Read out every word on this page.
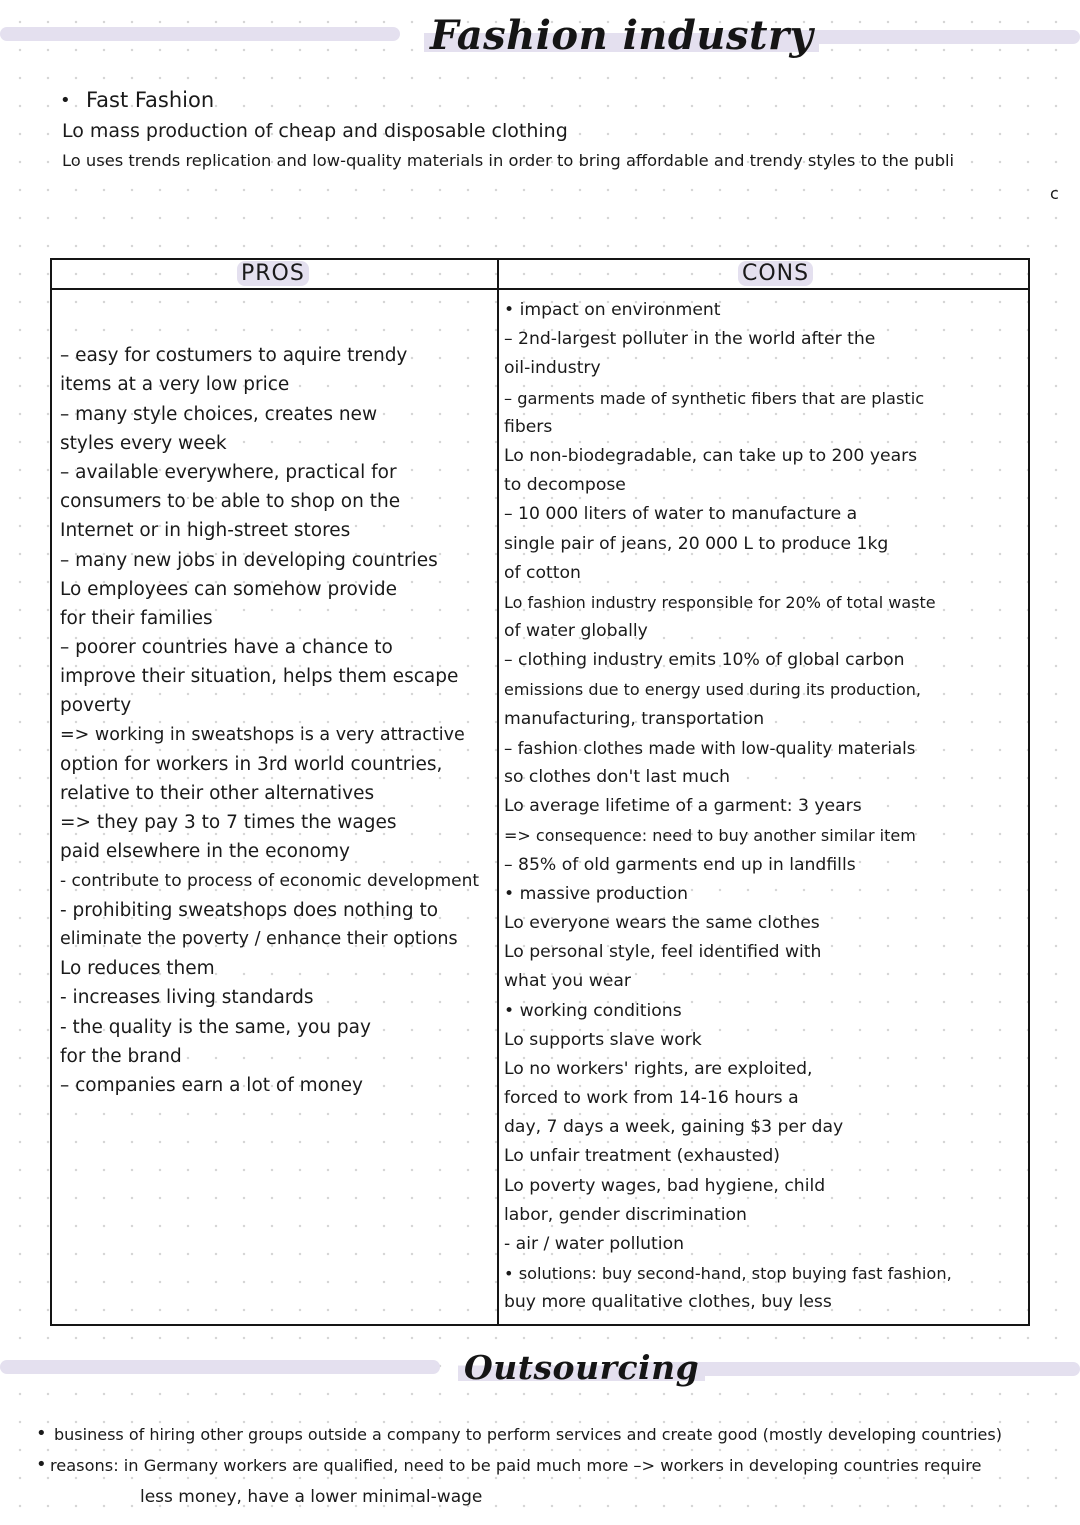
Fashion industry
• Fast Fashion
Lo mass production of cheap and disposable clothing
Lo uses trends replication and low-quality materials in order to bring affordable and trendy styles to the publi
c
PROS	CONS
– easy for costumers to aquire trendy
items at a very low price
– many style choices, creates new
styles every week
– available everywhere, practical for
consumers to be able to shop on the
Internet or in high-street stores
– many new jobs in developing countries
Lo employees can somehow provide
for their families
– poorer countries have a chance to
improve their situation, helps them escape
poverty
=> working in sweatshops is a very attractive
option for workers in 3rd world countries,
relative to their other alternatives
=> they pay 3 to 7 times the wages
paid elsewhere in the economy
- contribute to process of economic development
- prohibiting sweatshops does nothing to
eliminate the poverty / enhance their options
Lo reduces them
- increases living standards
- the quality is the same, you pay
for the brand
– companies earn a lot of money
• impact on environment
– 2nd-largest polluter in the world after the
oil-industry
– garments made of synthetic fibers that are plastic
fibers
Lo non-biodegradable, can take up to 200 years
to decompose
– 10 000 liters of water to manufacture a
single pair of jeans, 20 000 L to produce 1kg
of cotton
Lo fashion industry responsible for 20% of total waste
of water globally
– clothing industry emits 10% of global carbon
emissions due to energy used during its production,
manufacturing, transportation
– fashion clothes made with low-quality materials
so clothes don't last much
Lo average lifetime of a garment: 3 years
=> consequence: need to buy another similar item
– 85% of old garments end up in landfills
• massive production
Lo everyone wears the same clothes
Lo personal style, feel identified with
what you wear
• working conditions
Lo supports slave work
Lo no workers' rights, are exploited,
forced to work from 14-16 hours a
day, 7 days a week, gaining $3 per day
Lo unfair treatment (exhausted)
Lo poverty wages, bad hygiene, child
labor, gender discrimination
- air / water pollution
• solutions: buy second-hand, stop buying fast fashion,
buy more qualitative clothes, buy less
Outsourcing
• business of hiring other groups outside a company to perform services and create good (mostly developing countries)
• reasons: in Germany workers are qualified, need to be paid much more –> workers in developing countries require
less money, have a lower minimal-wage
